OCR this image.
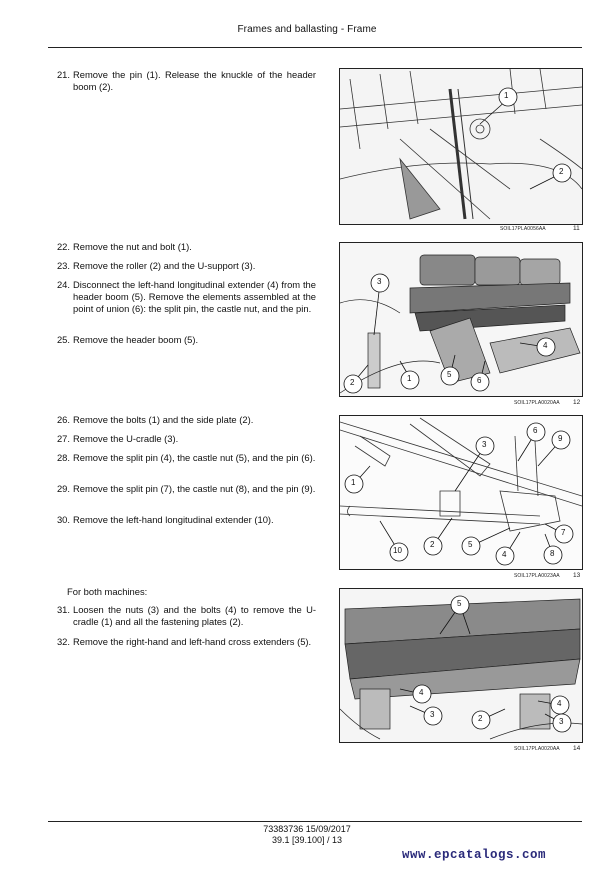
Frames and ballasting - Frame
21. Remove the pin (1). Release the knuckle of the header boom (2).
1
2
SOIL17PLA0056AA	11
22. Remove the nut and bolt (1).
23. Remove the roller (2) and the U-support (3).
24. Disconnect the left-hand longitudinal extender (4) from the header boom (5). Remove the elements assembled at the point of union (6): the split pin, the castle nut, and the pin.
25. Remove the header boom (5).
3
4
1
2
5
6
SOIL17PLA0020AA 12
26. Remove the bolts (1) and the side plate (2).
27. Remove the U-cradle (3).
28. Remove the split pin (4), the castle nut (5), and the pin (6).
29. Remove the split pin (7), the castle nut (8), and the pin (9).
30. Remove the left-hand longitudinal extender (10).
6
9
3
1
7
5
2
10	4	8
SOIL17PLA0023AA 13
For both machines:
31. Loosen the nuts (3) and the bolts (4) to remove the U-cradle (1) and all the fastening plates (2).
32. Remove the right-hand and left-hand cross extenders (5).
5
4
3	2
4
3
SOIL17PLA0020AA 14
73383736 15/09/2017
39.1 [39.100] / 13
www.epcatalogs.com
